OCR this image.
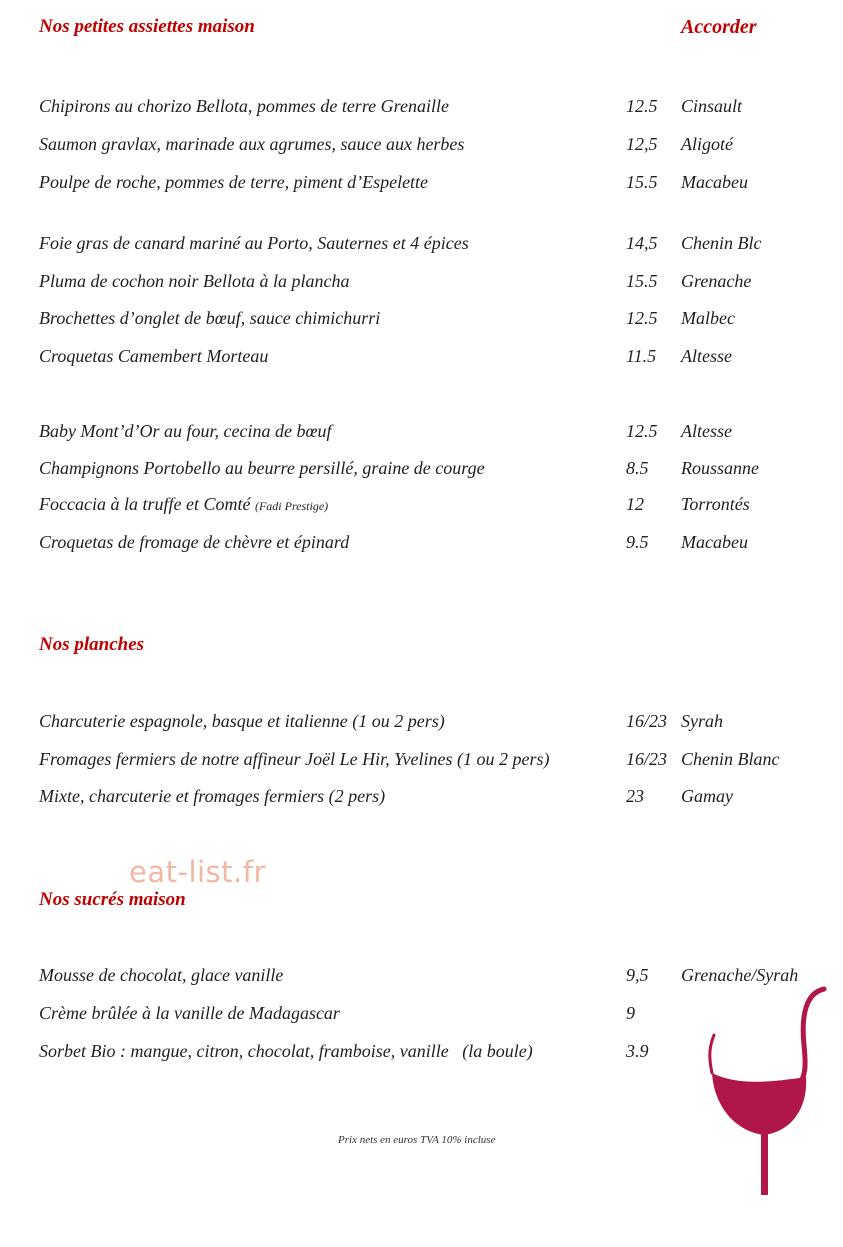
Nos petites assiettes maison	Accorder
Chipirons au chorizo Bellota, pommes de terre Grenaille	12.5 Cinsault
Saumon gravlax, marinade aux agrumes, sauce aux herbes	12,5 Aligoté
Poulpe de roche, pommes de terre, piment d’Espelette	15.5 Macabeu
Foie gras de canard mariné au Porto, Sauternes et 4 épices	14,5 Chenin Blc
Pluma de cochon noir Bellota à la plancha	15.5 Grenache
Brochettes d’onglet de bœuf, sauce chimichurri	12.5 Malbec
Croquetas Camembert Morteau	11.5 Altesse
Baby Mont’d’Or au four, cecina de bœuf	12.5 Altesse
Champignons Portobello au beurre persillé, graine de courge	8.5 Roussanne
Foccacia à la truffe et Comté (Fadi Prestige)	12 Torrontés
Croquetas de fromage de chèvre et épinard	9.5 Macabeu
Nos planches
Charcuterie espagnole, basque et italienne (1 ou 2 pers)	16/23 Syrah
Fromages fermiers de notre affineur Joël Le Hir, Yvelines (1 ou 2 pers)	16/23 Chenin Blanc
Mixte, charcuterie et fromages fermiers (2 pers)	23 Gamay
eat-list.fr
Nos sucrés maison
Mousse de chocolat, glace vanille	9,5 Grenache/Syrah
Crème brûlée à la vanille de Madagascar	9
Sorbet Bio : mangue, citron, chocolat, framboise, vanille   (la boule)	3.9
Prix nets en euros TVA 10% incluse
